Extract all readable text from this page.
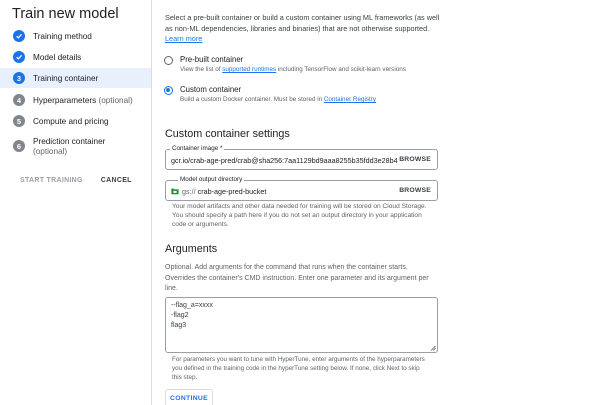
Train new model
Training method
Model details
3	Training container
4	Hyperparameters (optional)
5	Compute and pricing
6	Prediction container
(optional)
START TRAINING	CANCEL
Select a pre-built container or build a custom container using ML frameworks (as well as non-ML dependencies, libraries and binaries) that are not otherwise supported. Learn more
Pre-built container
View the list of supported runtimes including TensorFlow and scikit-learn versions
Custom container
Build a custom Docker container. Must be stored in Container Registry
Custom container settings
Container image *
gcr.io/crab-age-pred/crab@sha256:7aa1129bd9aaa8255b35fdd3e28b4 BROWSE
Model output directory
gs:// crab-age-pred-bucket	BROWSE
Your model artifacts and other data needed for training will be stored on Cloud Storage.
You should specify a path here if you do not set an output directory in your application
code or arguments.
Arguments
Optional. Add arguments for the command that runs when the container starts.
Overrides the container's CMD instruction. Enter one parameter and its argument per
line.
--flag_a=xxxx
-flag2
flag3
For parameters you want to tune with HyperTune, enter arguments of the hyperparameters
you defined in the training code in the hyperTune setting below. If none, click Next to skip
this step.
CONTINUE
